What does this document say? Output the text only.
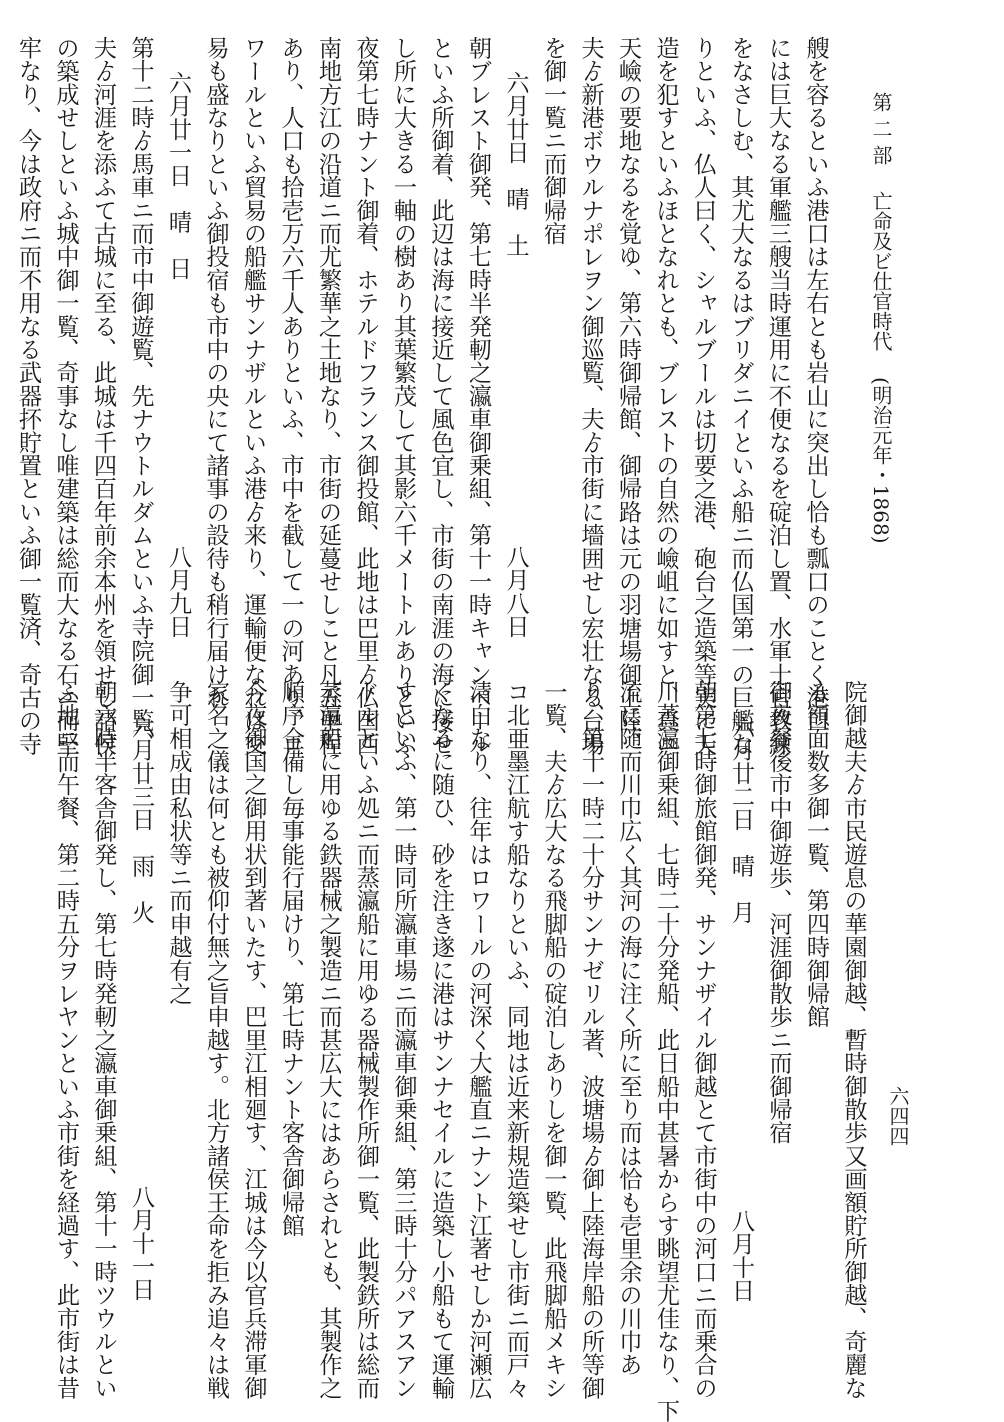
第 二 部
亡命及ビ仕官時代
(明治元年・1868)
艘を容るといふ港口は左右とも岩山に突出し恰も瓢口のことく港口
には巨大なる軍艦三艘当時運用に不便なるを碇泊し置、水軍士官教練
をなさしむ、其尤大なるはブリダニイといふ船ニ而仏国第一の巨艦な
りといふ、仏人曰く、シャルブールは切要之港、砲台之造築等実に天
造を犯すといふほとなれとも、ブレストの自然の嶮岨に如すと、真ニ
天嶮の要地なるを覚ゆ、第六時御帰館、御帰路は元の羽塘場御上陸、
夫ゟ新港ボウルナポレヲン御巡覧、夫ゟ市街に墻囲せし宏壮なる台場
を御一覧ニ而御帰宿
六月廿日　晴　土
八月八日
朝ブレスト御発、第七時半発軔之瀛車御乗組、第十一時キャンペール
といふ所御着、此辺は海に接近して風色宜し、市街の南涯の海に接せ
し所に大きる一軸の樹あり其葉繁茂して其影六千メートルありといふ
夜第七時ナント御着、ホテルドフランス御投館、此地は巴里ゟ仏国西
南地方江の沿道ニ而尤繁華之土地なり、市街の延蔓せしこと凡五里程
あり、人口も拾壱万六千人ありといふ、市中を截して一の河あり、ロ
ワールといふ貿易の船艦サンナザルといふ港ゟ来り、運輸便なれは交
易も盛なりといふ御投宿も市中の央にて諸事の設待も稍行届けれ
六月廿一日　晴　日
八月九日
第十二時ゟ馬車ニ而市中御遊覧、先ナウトルダムといふ寺院御一覧、
夫ゟ河涯を添ふて古城に至る、此城は千四百年前余本州を領せし諸侯
の築成せしといふ城中御一覧、奇事なし唯建築は総而大なる石ニ而堅
牢なり、今は政府ニ而不用なる武器抔貯置といふ御一覧済、奇古の寺
院御越夫ゟ市民遊息の華園御越、暫時御散歩又画額貯所御越、奇麗な
る額面数多御一覧、第四時御帰館
御夜餐後市中御遊歩、河涯御散歩ニ而御帰宿
六月廿二日　晴　月
八月十日
朝第七時御旅館御発、サンナザイル御越とて市街中の河口ニ而乗合の
川蒸瀛御乗組、七時二十分発船、此日船中甚暑からす眺望尤佳なり、下
流に随而川巾広く其河の海に注く所に至り而は恰も壱里余の川巾あ
り、第十一時二十分サンナゼリル著、波塘場ゟ御上陸海岸船の所等御
一覧、夫ゟ広大なる飛脚船の碇泊しありしを御一覧、此飛脚船メキシ
コ北亜墨江航す船なりといふ、同地は近来新規造築せし市街ニ而戸々
清白なり、往年はロワールの河深く大艦直ニナント江著せしか河瀬広
くなるに随ひ、砂を注き遂に港はサンナセイルに造築し小船もて運輸
すといふ、第一時同所瀛車場ニ而瀛車御乗組、第三時十分パアスアン
ドルといふ処ニ而蒸瀛船に用ゆる器械製作所御一覧、此製鉄所は総而
蒸瀛船に用ゆる鉄器械之製造ニ而甚広大にはあらされとも、其製作之
順序全備し毎事能行届けり、第七時ナント客舎御帰館
今夜御国之御用状到著いたす、巴里江相廻す、江城は今以官兵滞軍御
家名之儀は何とも被仰付無之旨申越す。北方諸侯王命を拒み追々は戦
争可相成由私状等ニ而申越有之
六月廿三日　雨　火
八月十一日
朝六時半客舎御発し、第七時発軔之瀛車御乗組、第十一時ツウルとい
ふ地ニ而午餐、第二時五分ヲレヤンといふ市街を経過す、此市街は昔	六四四
